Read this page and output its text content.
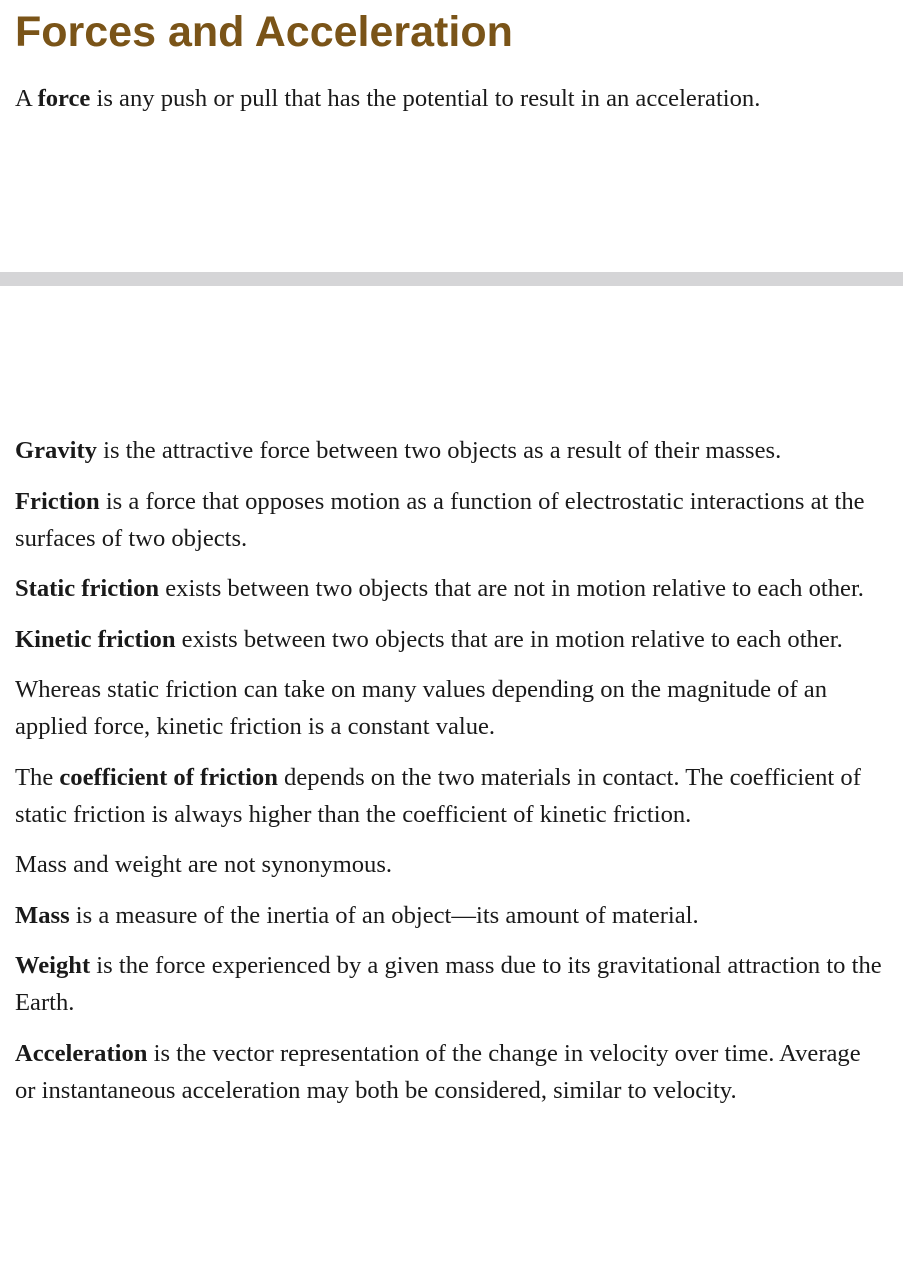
Forces and Acceleration

A force is any push or pull that has the potential to result in an acceleration.

Gravity is the attractive force between two objects as a result of their masses.

Friction is a force that opposes motion as a function of electrostatic interactions at the surfaces of two objects.

Static friction exists between two objects that are not in motion relative to each other.

Kinetic friction exists between two objects that are in motion relative to each other.

Whereas static friction can take on many values depending on the magnitude of an applied force, kinetic friction is a constant value.

The coefficient of friction depends on the two materials in contact. The coefficient of static friction is always higher than the coefficient of kinetic friction.

Mass and weight are not synonymous.

Mass is a measure of the inertia of an object—its amount of material.

Weight is the force experienced by a given mass due to its gravitational attraction to the Earth.

Acceleration is the vector representation of the change in velocity over time. Average or instantaneous acceleration may both be considered, similar to velocity.
